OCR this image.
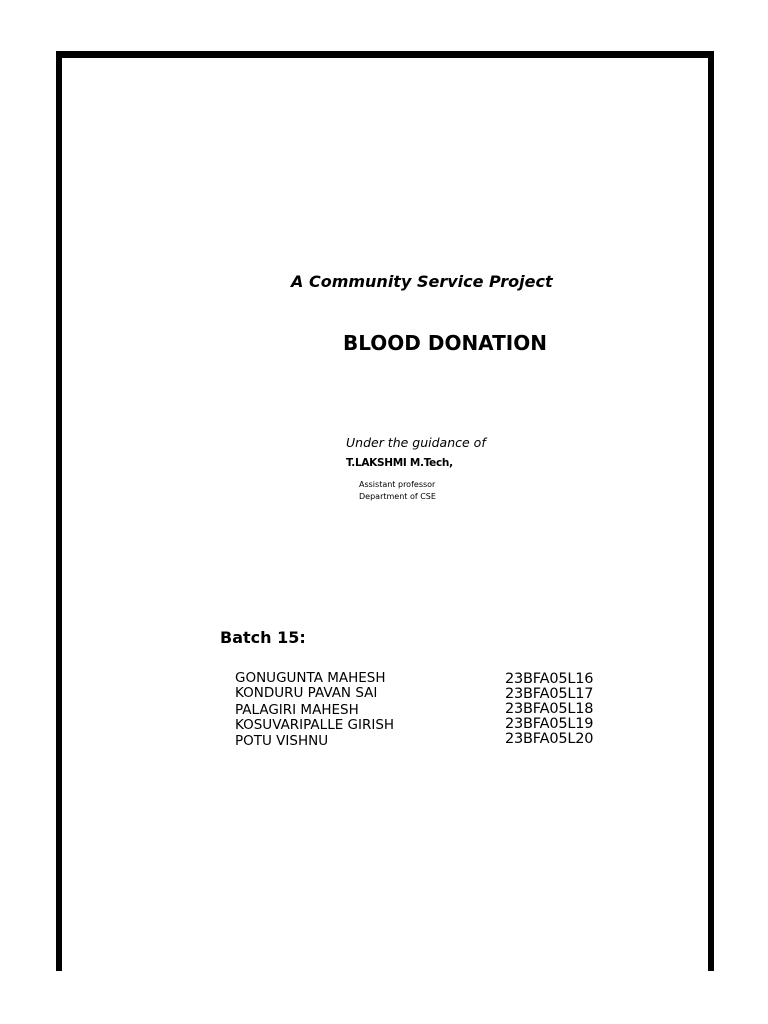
A Community Service Project
BLOOD DONATION
Under the guidance of
T.LAKSHMI M.Tech,
Assistant professor
Department of CSE
Batch 15:
GONUGUNTA MAHESH	23BFA05L16
KONDURU PAVAN SAI	23BFA05L17
PALAGIRI MAHESH	23BFA05L18
KOSUVARIPALLE GIRISH	23BFA05L19
POTU VISHNU	23BFA05L20
